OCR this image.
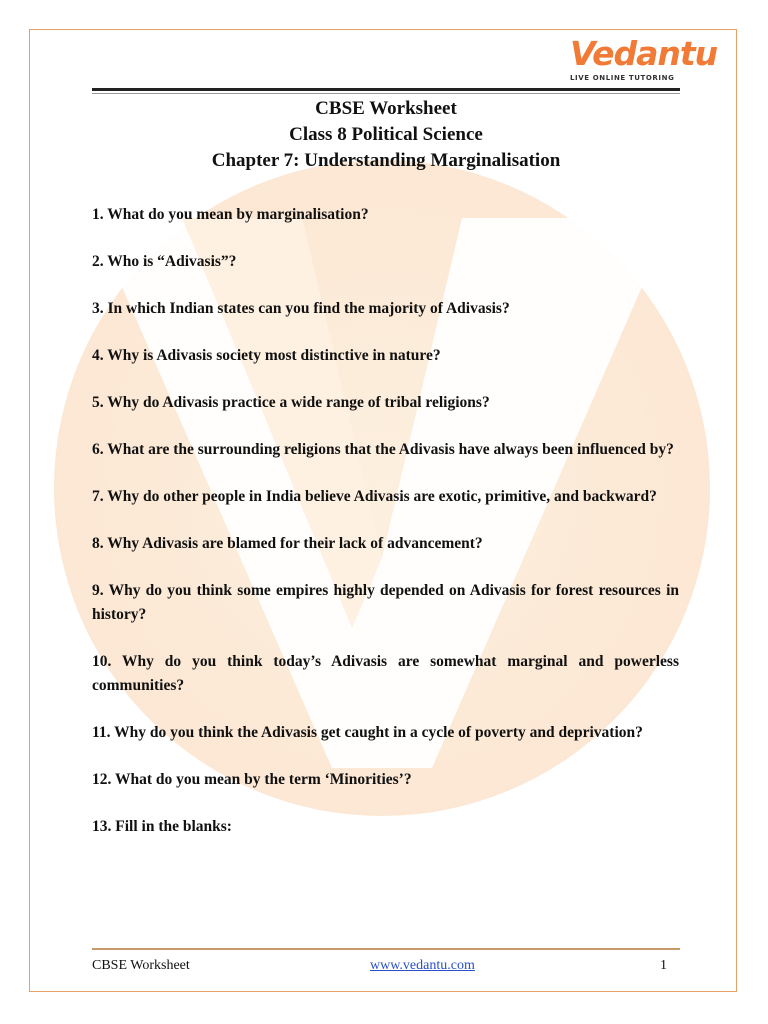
Vedantu
LIVE ONLINE TUTORING
CBSE Worksheet
Class 8 Political Science
Chapter 7: Understanding Marginalisation

1. What do you mean by marginalisation?

2. Who is “Adivasis”?

3. In which Indian states can you find the majority of Adivasis?

4. Why is Adivasis society most distinctive in nature?

5. Why do Adivasis practice a wide range of tribal religions?

6. What are the surrounding religions that the Adivasis have always been influenced by?

7. Why do other people in India believe Adivasis are exotic, primitive, and backward?

8. Why Adivasis are blamed for their lack of advancement?

9. Why do you think some empires highly depended on Adivasis for forest resources in history?

10. Why do you think today’s Adivasis are somewhat marginal and powerless communities?

11. Why do you think the Adivasis get caught in a cycle of poverty and deprivation?

12. What do you mean by the term ‘Minorities’?

13. Fill in the blanks:

CBSE Worksheet	www.vedantu.com	1
